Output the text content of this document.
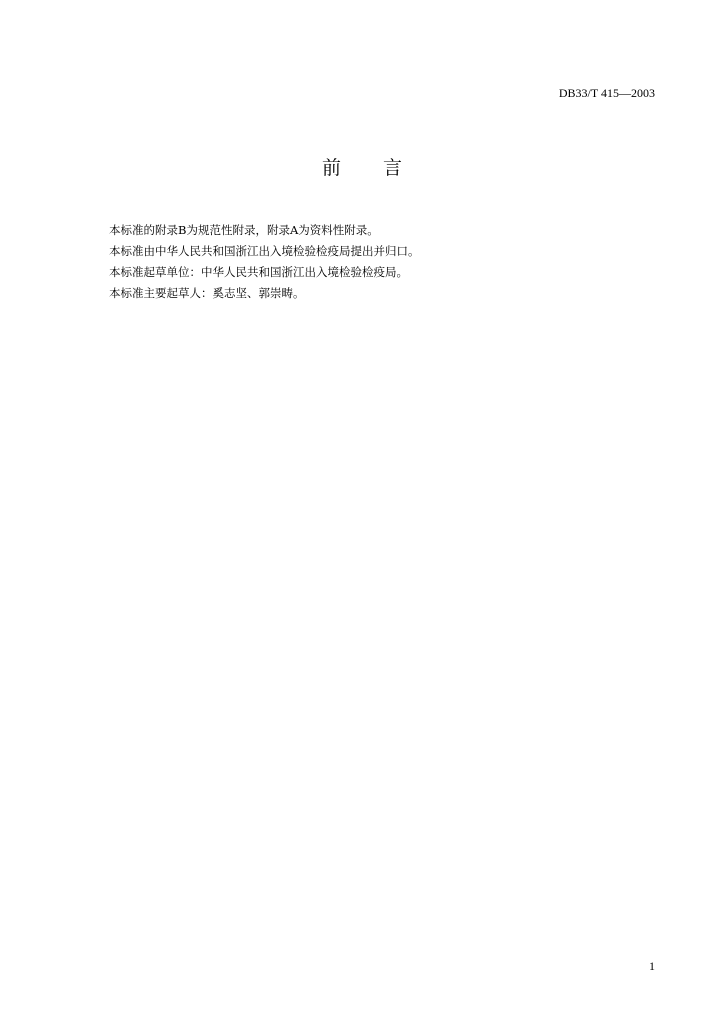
DB33/T 415—2003
前 言

本标准的附录B为规范性附录，附录A为资料性附录。

本标准由中华人民共和国浙江出入境检验检疫局提出并归口。

本标准起草单位：中华人民共和国浙江出入境检验检疫局。

本标准主要起草人：奚志坚、郭崇畴。

1
